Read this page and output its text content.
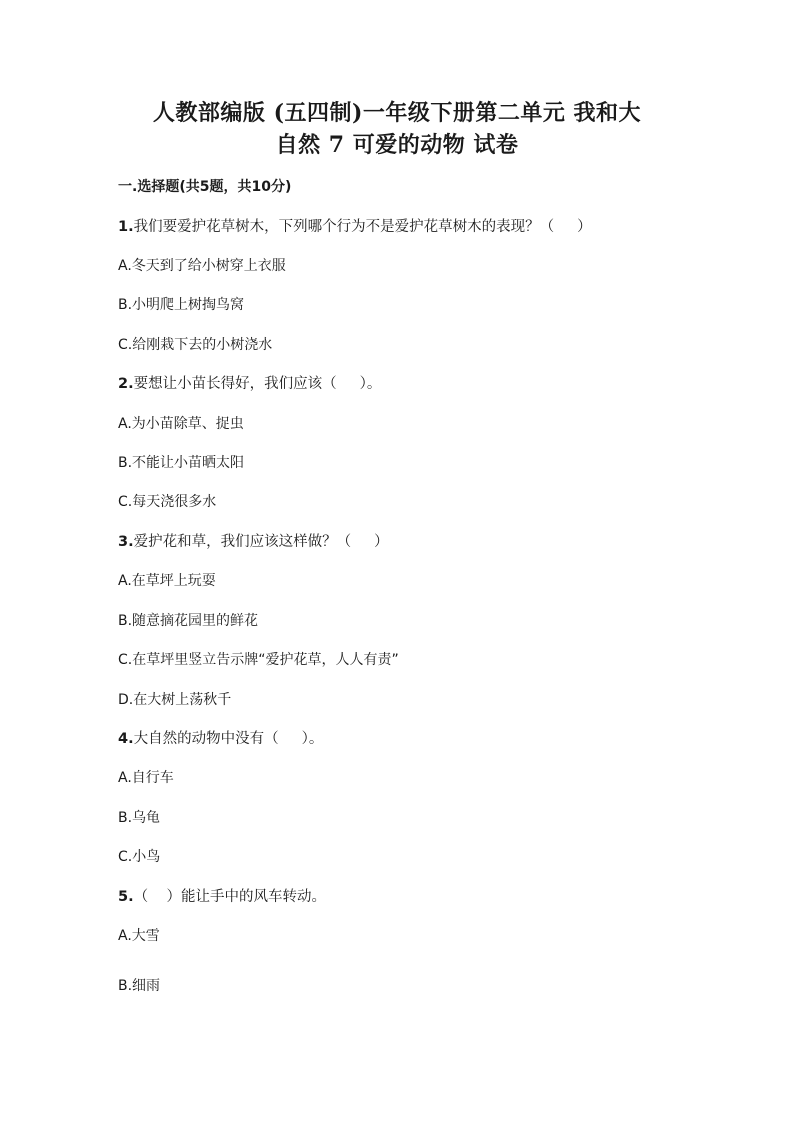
人教部编版 (五四制)一年级下册第二单元 我和大
自然 7 可爱的动物 试卷
一.选择题(共5题，共10分)
1.我们要爱护花草树木，下列哪个行为不是爱护花草树木的表现？（     ）
A.冬天到了给小树穿上衣服
B.小明爬上树掏鸟窝
C.给刚栽下去的小树浇水
2.要想让小苗长得好，我们应该（     ）。
A.为小苗除草、捉虫
B.不能让小苗晒太阳
C.每天浇很多水
3.爱护花和草，我们应该这样做？（     ）
A.在草坪上玩耍
B.随意摘花园里的鲜花
C.在草坪里竖立告示牌“爱护花草，人人有责”
D.在大树上荡秋千
4.大自然的动物中没有（     ）。
A.自行车
B.乌龟
C.小鸟
5.（    ）能让手中的风车转动。
A.大雪
B.细雨
